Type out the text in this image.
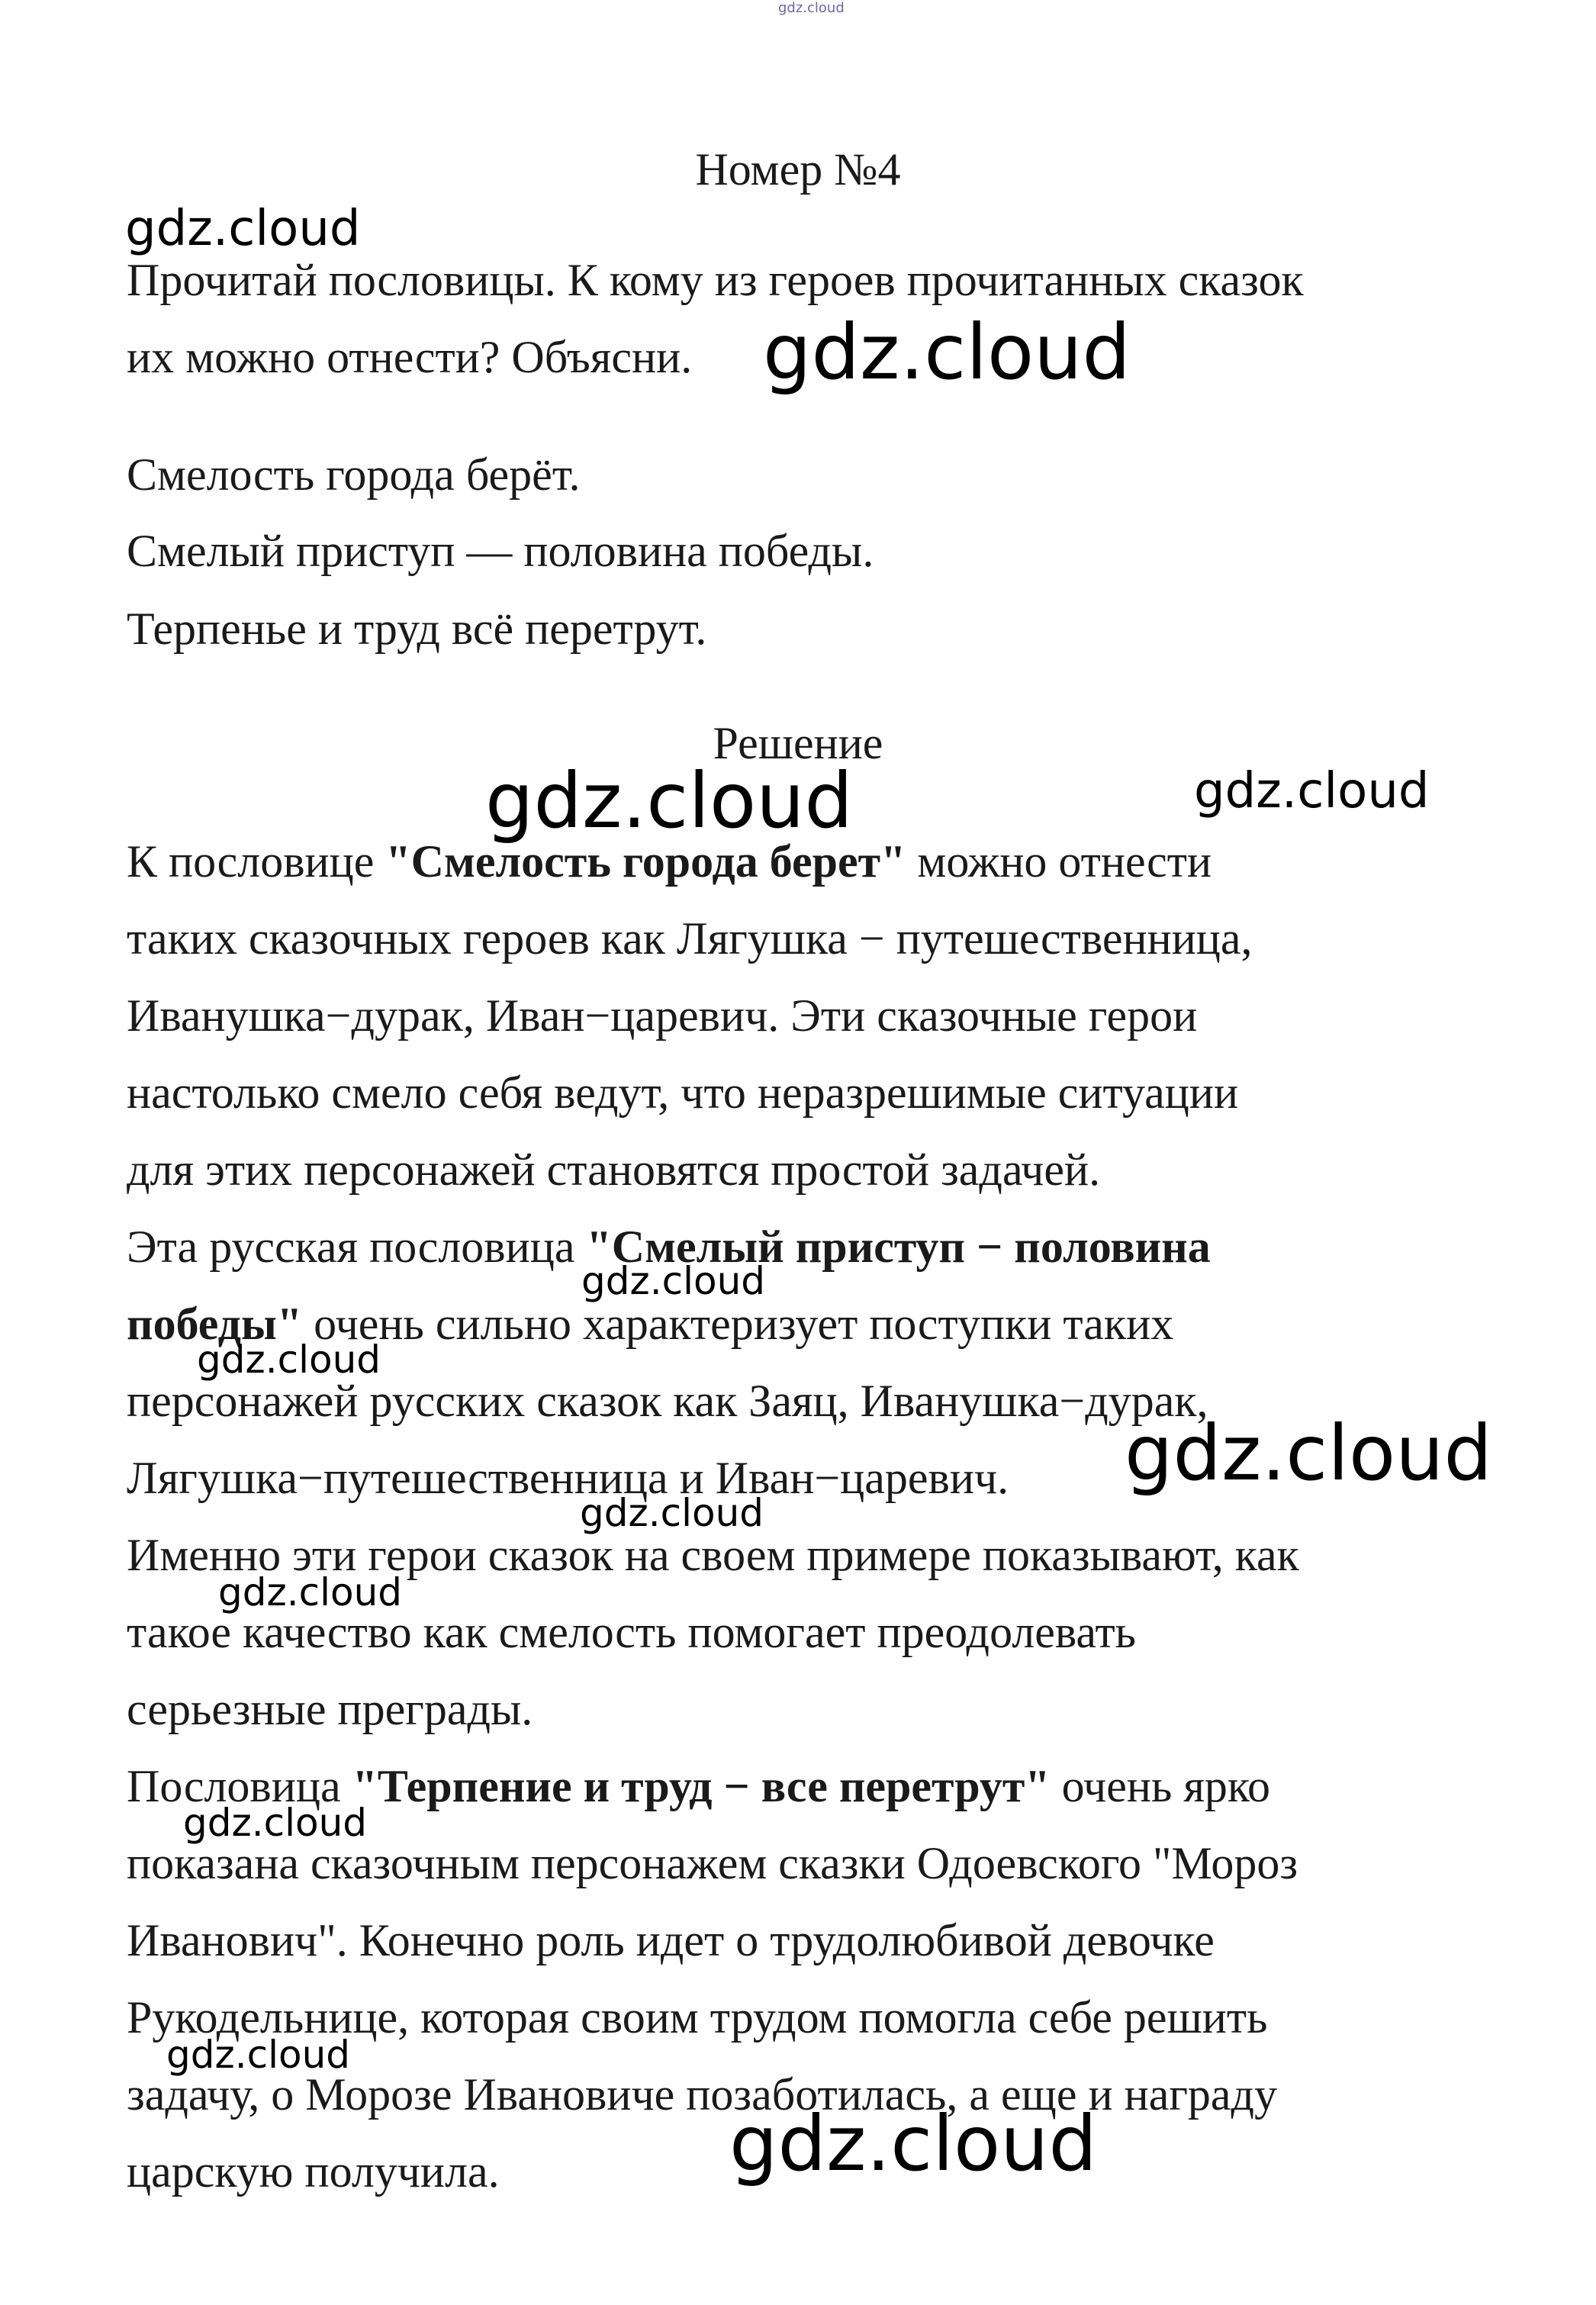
Номер №4

Прочитай пословицы. К кому из героев прочитанных сказок

их можно отнести? Объясни.

Смелость города берёт.

Смелый приступ — половина победы.

Терпенье и труд всё перетрут.

Решение

К пословице "Смелость города берет" можно отнести

таких сказочных героев как Лягушка − путешественница,

Иванушка−дурак, Иван−царевич. Эти сказочные герои

настолько смело себя ведут, что неразрешимые ситуации

для этих персонажей становятся простой задачей.

Эта русская пословица "Смелый приступ − половина

победы" очень сильно характеризует поступки таких

персонажей русских сказок как Заяц, Иванушка−дурак,

Лягушка−путешественница и Иван−царевич.

Именно эти герои сказок на своем примере показывают, как

такое качество как смелость помогает преодолевать

серьезные преграды.

Пословица "Терпение и труд − все перетрут" очень ярко

показана сказочным персонажем сказки Одоевского "Мороз

Иванович". Конечно роль идет о трудолюбивой девочке

Рукодельнице, которая своим трудом помогла себе решить

задачу, о Морозе Ивановиче позаботилась, а еще и награду

царскую получила.

gdz.cloud
gdz.cloud
gdz.cloud
gdz.cloud	gdz.cloud
gdz.cloud
gdz.cloud
gdz.cloud
gdz.cloud
gdz.cloud
gdz.cloud
gdz.cloud
gdz.cloud
